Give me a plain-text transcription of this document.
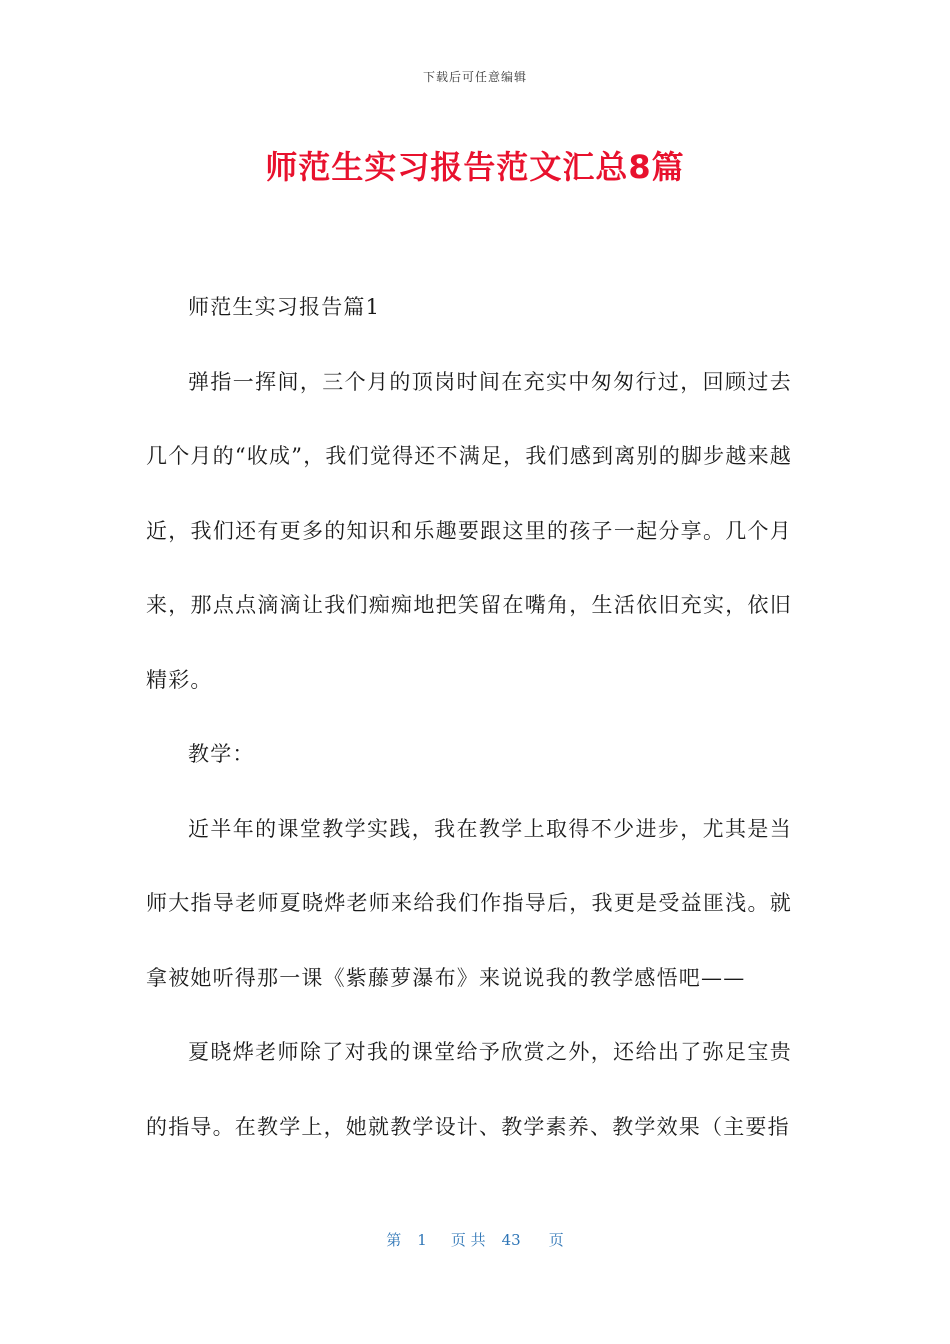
下载后可任意编辑
师范生实习报告范文汇总8篇

师范生实习报告篇1

弹指一挥间，三个月的顶岗时间在充实中匆匆行过，回顾过去几个月的“收成”，我们觉得还不满足，我们感到离别的脚步越来越近，我们还有更多的知识和乐趣要跟这里的孩子一起分享。几个月来，那点点滴滴让我们痴痴地把笑留在嘴角，生活依旧充实，依旧精彩。

教学：

近半年的课堂教学实践，我在教学上取得不少进步，尤其是当师大指导老师夏晓烨老师来给我们作指导后，我更是受益匪浅。就拿被她听得那一课《紫藤萝瀑布》来说说我的教学感悟吧——

夏晓烨老师除了对我的课堂给予欣赏之外，还给出了弥足宝贵的指导。在教学上，她就教学设计、教学素养、教学效果（主要指

第 1 页 共 43 页
